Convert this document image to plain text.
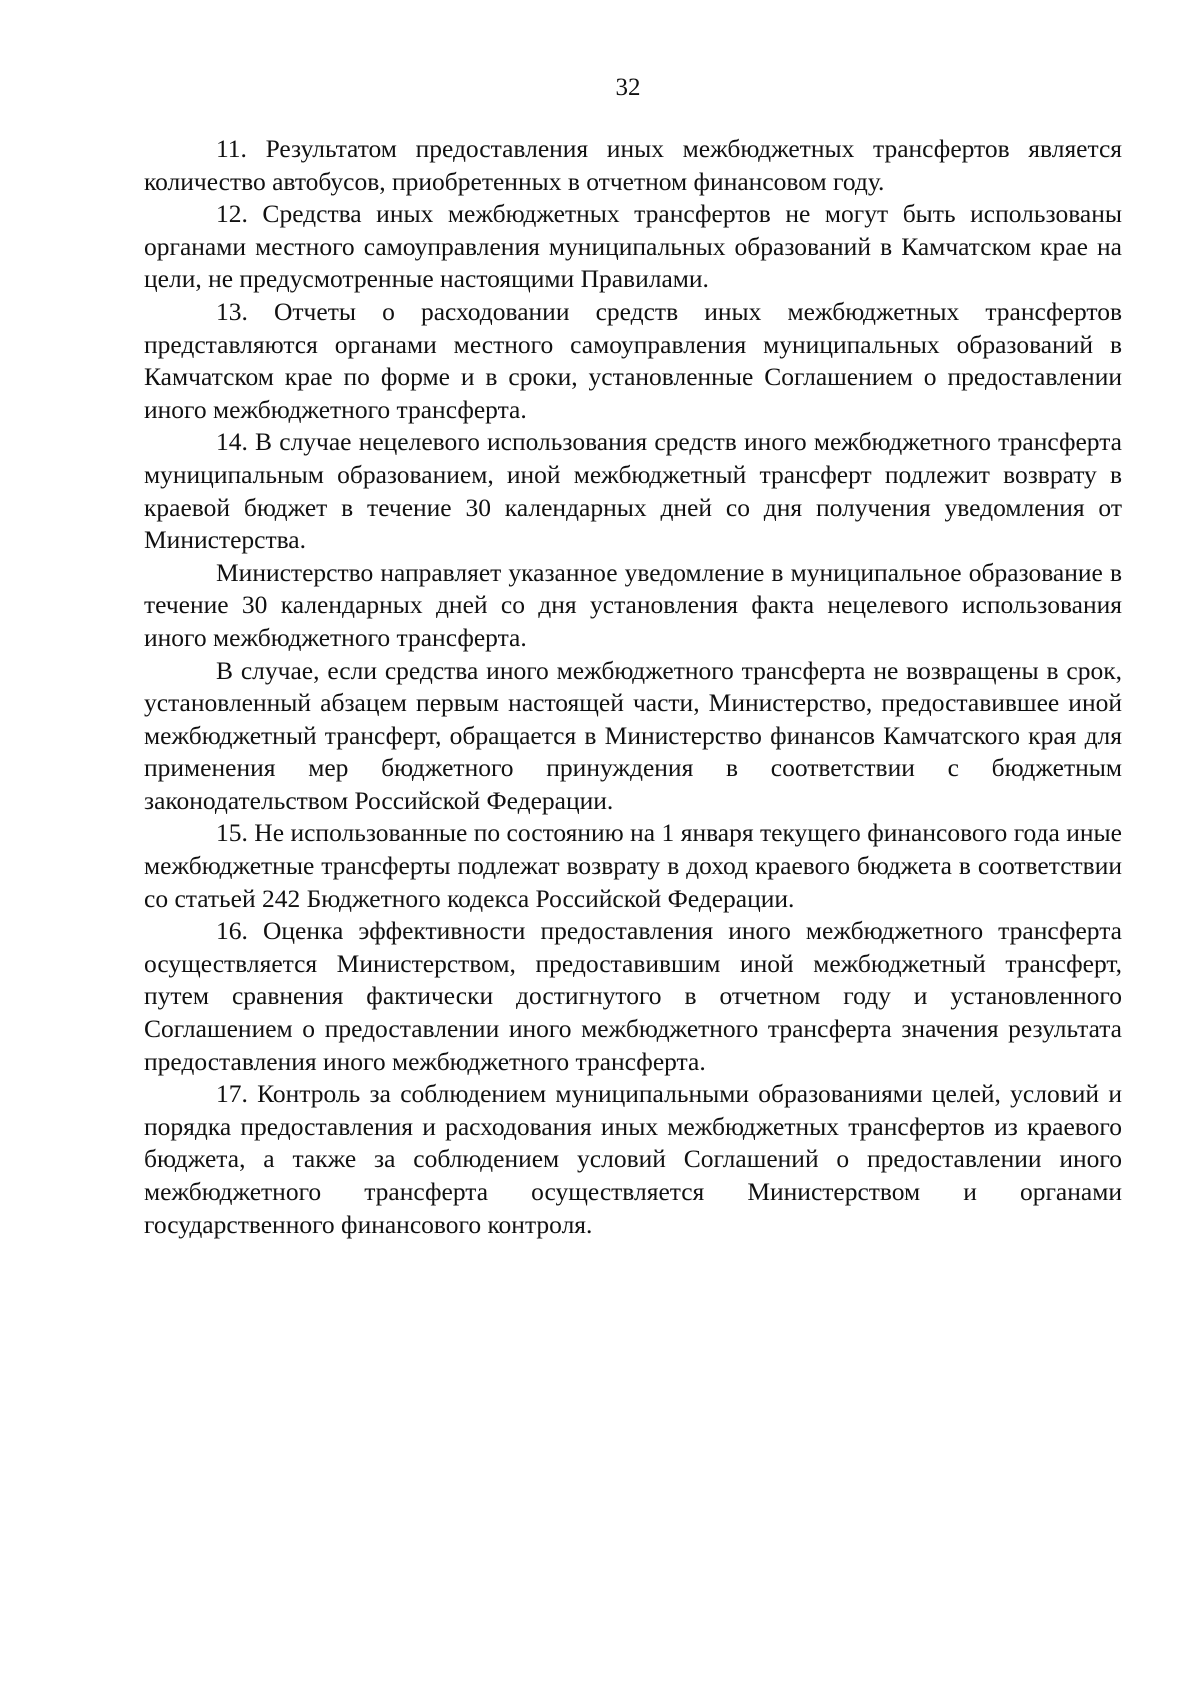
32

11. Результатом предоставления иных межбюджетных трансфертов является количество автобусов, приобретенных в отчетном финансовом году.

12. Средства иных межбюджетных трансфертов не могут быть использованы органами местного самоуправления муниципальных образований в Камчатском крае на цели, не предусмотренные настоящими Правилами.

13. Отчеты о расходовании средств иных межбюджетных трансфертов представляются органами местного самоуправления муниципальных образований в Камчатском крае по форме и в сроки, установленные Соглашением о предоставлении иного межбюджетного трансферта.

14. В случае нецелевого использования средств иного межбюджетного трансферта муниципальным образованием, иной межбюджетный трансферт подлежит возврату в краевой бюджет в течение 30 календарных дней со дня получения уведомления от Министерства.

Министерство направляет указанное уведомление в муниципальное образование в течение 30 календарных дней со дня установления факта нецелевого использования иного межбюджетного трансферта.

В случае, если средства иного межбюджетного трансферта не возвращены в срок, установленный абзацем первым настоящей части, Министерство, предоставившее иной межбюджетный трансферт, обращается в Министерство финансов Камчатского края для применения мер бюджетного принуждения в соответствии с бюджетным законодательством Российской Федерации.

15. Не использованные по состоянию на 1 января текущего финансового года иные межбюджетные трансферты подлежат возврату в доход краевого бюджета в соответствии со статьей 242 Бюджетного кодекса Российской Федерации.

16. Оценка эффективности предоставления иного межбюджетного трансферта осуществляется Министерством, предоставившим иной межбюджетный трансферт, путем сравнения фактически достигнутого в отчетном году и установленного Соглашением о предоставлении иного межбюджетного трансферта значения результата предоставления иного межбюджетного трансферта.

17. Контроль за соблюдением муниципальными образованиями целей, условий и порядка предоставления и расходования иных межбюджетных трансфертов из краевого бюджета, а также за соблюдением условий Соглашений о предоставлении иного межбюджетного трансферта осуществляется Министерством и органами государственного финансового контроля.
